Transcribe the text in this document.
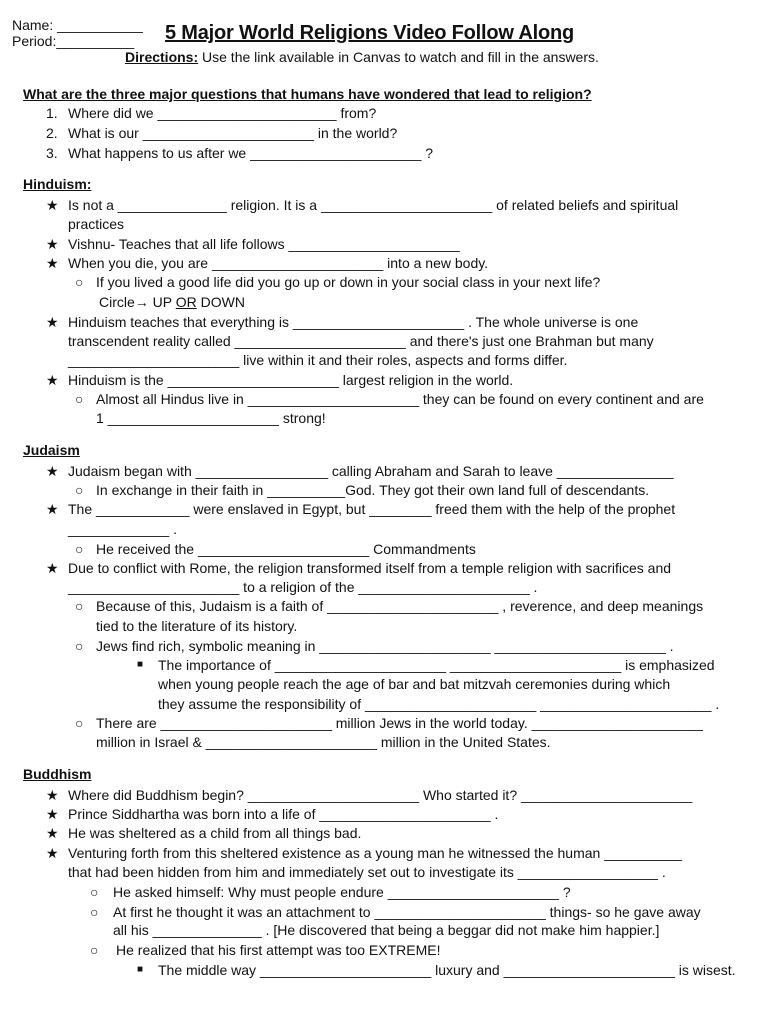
Name: ___________
Period:__________	5 Major World Religions Video Follow Along
Directions: Use the link available in Canvas to watch and fill in the answers.
What are the three major questions that humans have wondered that lead to religion?
1. Where did we _______________________ from?
2. What is our ______________________ in the world?
3. What happens to us after we ______________________ ?
Hinduism:
★ Is not a ______________ religion. It is a ______________________ of related beliefs and spiritual
practices
★ Vishnu- Teaches that all life follows ______________________
★ When you die, you are ______________________ into a new body.
○ If you lived a good life did you go up or down in your social class in your next life?
Circle→ UP OR DOWN
★ Hinduism teaches that everything is ______________________ . The whole universe is one
transcendent reality called ______________________ and there's just one Brahman but many
______________________ live within it and their roles, aspects and forms differ.
★ Hinduism is the ______________________ largest religion in the world.
○ Almost all Hindus live in ______________________ they can be found on every continent and are
1 ______________________ strong!
Judaism
★ Judaism began with _________________ calling Abraham and Sarah to leave _______________
○ In exchange in their faith in __________God. They got their own land full of descendants.
★ The ____________ were enslaved in Egypt, but ________ freed them with the help of the prophet
_____________ .
○ He received the ______________________ Commandments
★ Due to conflict with Rome, the religion transformed itself from a temple religion with sacrifices and
______________________ to a religion of the ______________________ .
○ Because of this, Judaism is a faith of ______________________ , reverence, and deep meanings
tied to the literature of its history.
○ Jews find rich, symbolic meaning in ______________________ ______________________ .
■ The importance of ______________________ ______________________ is emphasized
when young people reach the age of bar and bat mitzvah ceremonies during which
they assume the responsibility of ______________________ ______________________ .
○ There are ______________________ million Jews in the world today. ______________________
million in Israel & ______________________ million in the United States.
Buddhism
★ Where did Buddhism begin? ______________________ Who started it? ______________________
★ Prince Siddhartha was born into a life of ______________________ .
★ He was sheltered as a child from all things bad.
★ Venturing forth from this sheltered existence as a young man he witnessed the human __________
that had been hidden from him and immediately set out to investigate its __________________ .
○ He asked himself: Why must people endure ______________________ ?
○ At first he thought it was an attachment to ______________________ things- so he gave away
all his ______________ . [He discovered that being a beggar did not make him happier.]
○ He realized that his first attempt was too EXTREME!
■ The middle way ______________________ luxury and ______________________ is wisest.
